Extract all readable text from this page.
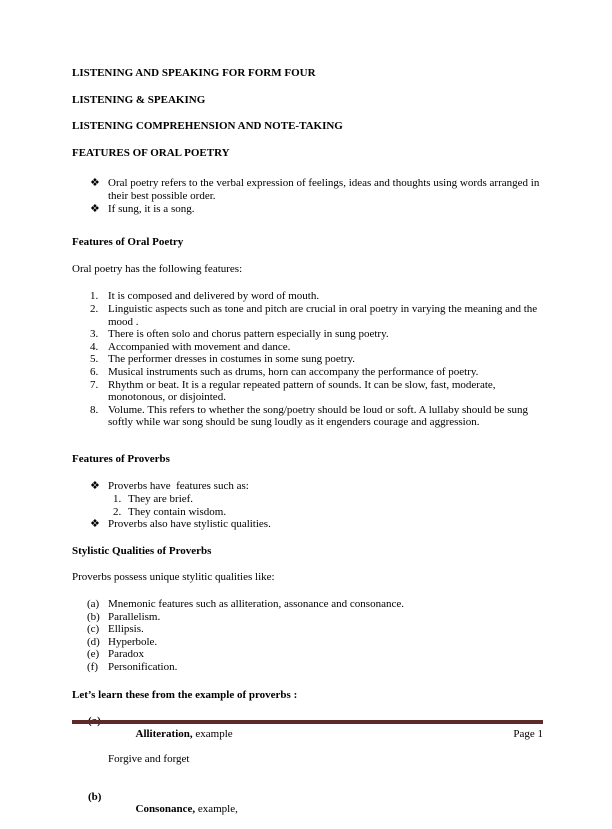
LISTENING AND SPEAKING FOR FORM FOUR
LISTENING & SPEAKING
LISTENING COMPREHENSION AND NOTE-TAKING
FEATURES OF ORAL POETRY
❖ Oral poetry refers to the verbal expression of feelings, ideas and thoughts using words arranged in their best possible order.
❖ If sung, it is a song.
Features of Oral Poetry
Oral poetry has the following features:
1. It is composed and delivered by word of mouth.
2. Linguistic aspects such as tone and pitch are crucial in oral poetry in varying the meaning and the mood .
3. There is often solo and chorus pattern especially in sung poetry.
4. Accompanied with movement and dance.
5. The performer dresses in costumes in some sung poetry.
6. Musical instruments such as drums, horn can accompany the performance of poetry.
7. Rhythm or beat. It is a regular repeated pattern of sounds. It can be slow, fast, moderate, monotonous, or disjointed.
8. Volume. This refers to whether the song/poetry should be loud or soft. A lullaby should be sung softly while war song should be sung loudly as it engenders courage and aggression.
Features of Proverbs
❖ Proverbs have  features such as:
1. They are brief.
2. They contain wisdom.
❖ Proverbs also have stylistic qualities.
Stylistic Qualities of Proverbs
Proverbs possess unique stylitic qualities like:
(a) Mnemonic features such as alliteration, assonance and consonance.
(b) Parallelism.
(c) Ellipsis.
(d) Hyperbole.
(e) Paradox
(f) Personification.
Let’s learn these from the example of proverbs :
(a)

Alliteration, example

Forgive and forget

(b)

Consonance, example,

Page 1
